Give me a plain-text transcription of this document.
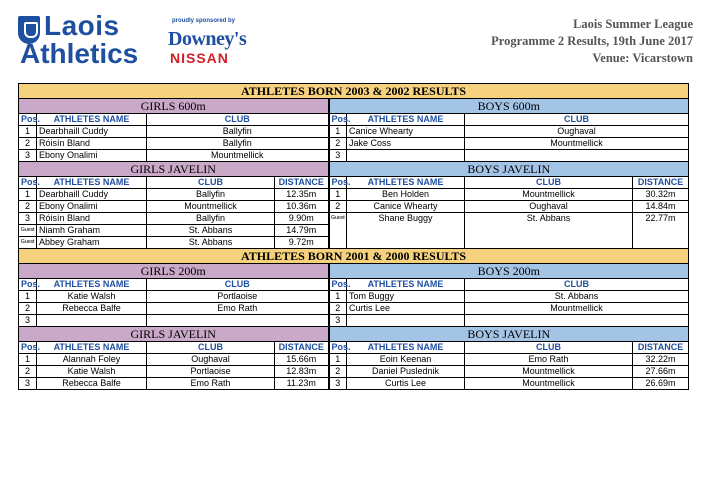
Laois
Athletics
proudly sponsored by
Downey's
NISSAN
Laois Summer League
Programme 2 Results, 19th June 2017
Venue: Vicarstown
ATHLETES BORN 2003 & 2002 RESULTS							
GIRLS 600m				BOYS 600m			
Pos.	ATHLETES NAME	CLUB		Pos.	ATHLETES NAME	CLUB	
1	Dearbhaill Cuddy	Ballyfin		1	Canice Whearty	Oughaval	
2	Róisín Bland	Ballyfin		2	Jake Coss	Mountmellick	
3	Ebony Onalimi	Mountmellick		3			
GIRLS JAVELIN				BOYS JAVELIN			
Pos.	ATHLETES NAME	CLUB	DISTANCE	Pos.	ATHLETES NAME	CLUB	DISTANCE
1	Dearbhaill Cuddy	Ballyfin	12.35m	1	Ben Holden	Mountmellick	30.32m
2	Ebony Onalimi	Mountmellick	10.36m	2	Canice Whearty	Oughaval	14.84m
3	Róisín Bland	Ballyfin	9.90m	Guest	Shane Buggy	St. Abbans	22.77m
Guest	Niamh Graham	St. Abbans	14.79m				
Guest	Abbey Graham	St. Abbans	9.72m				
ATHLETES BORN 2001 & 2000 RESULTS							
GIRLS 200m				BOYS 200m			
Pos.	ATHLETES NAME	CLUB		Pos.	ATHLETES NAME	CLUB	
1	Katie Walsh	Portlaoise		1	Tom Buggy	St. Abbans	
2	Rebecca Balfe	Emo Rath		2	Curtis Lee	Mountmellick	
3				3			
GIRLS JAVELIN				BOYS JAVELIN			
Pos.	ATHLETES NAME	CLUB	DISTANCE	Pos.	ATHLETES NAME	CLUB	DISTANCE
1	Alannah Foley	Oughaval	15.66m	1	Eoin Keenan	Emo Rath	32.22m
2	Katie Walsh	Portlaoise	12.83m	2	Daniel Puslednik	Mountmellick	27.66m
3	Rebecca Balfe	Emo Rath	11.23m	3	Curtis Lee	Mountmellick	26.69m
